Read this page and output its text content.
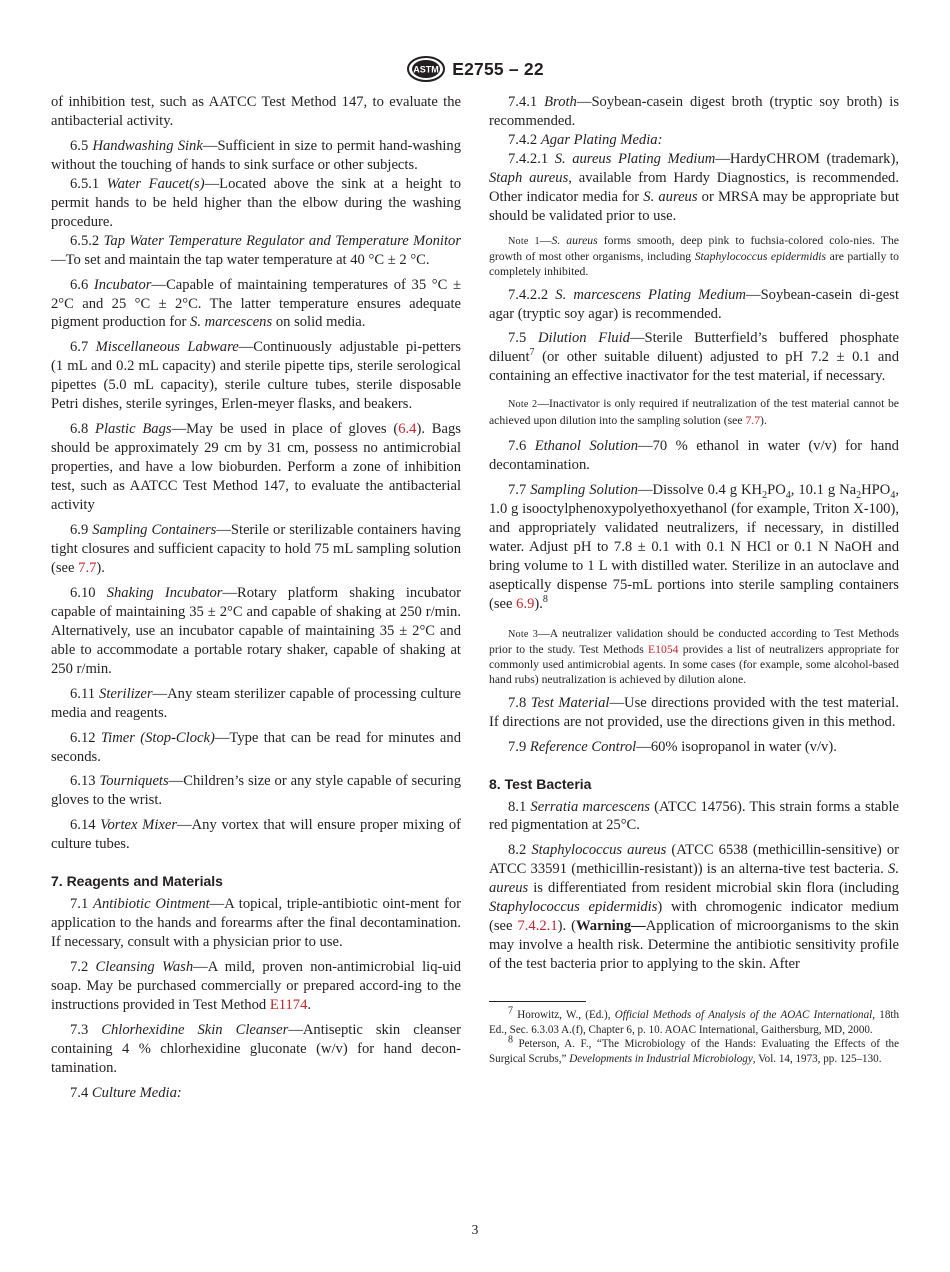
ASTM E2755 – 22

of inhibition test, such as AATCC Test Method 147, to evaluate the antibacterial activity.

6.5 Handwashing Sink—Sufficient in size to permit hand-washing without the touching of hands to sink surface or other subjects.

6.5.1 Water Faucet(s)—Located above the sink at a height to permit hands to be held higher than the elbow during the washing procedure.

6.5.2 Tap Water Temperature Regulator and Temperature Monitor—To set and maintain the tap water temperature at 40 °C ± 2 °C.

6.6 Incubator—Capable of maintaining temperatures of 35 °C ± 2°C and 25 °C ± 2°C. The latter temperature ensures adequate pigment production for S. marcescens on solid media.

6.7 Miscellaneous Labware—Continuously adjustable pi-petters (1 mL and 0.2 mL capacity) and sterile pipette tips, sterile serological pipettes (5.0 mL capacity), sterile culture tubes, sterile disposable Petri dishes, sterile syringes, Erlen-meyer flasks, and beakers.

6.8 Plastic Bags—May be used in place of gloves (6.4). Bags should be approximately 29 cm by 31 cm, possess no antimicrobial properties, and have a low bioburden. Perform a zone of inhibition test, such as AATCC Test Method 147, to evaluate the antibacterial activity

6.9 Sampling Containers—Sterile or sterilizable containers having tight closures and sufficient capacity to hold 75 mL sampling solution (see 7.7).

6.10 Shaking Incubator—Rotary platform shaking incubator capable of maintaining 35 ± 2°C and capable of shaking at 250 r/min. Alternatively, use an incubator capable of maintaining 35 ± 2°C and able to accommodate a portable rotary shaker, capable of shaking at 250 r/min.

6.11 Sterilizer—Any steam sterilizer capable of processing culture media and reagents.

6.12 Timer (Stop-Clock)—Type that can be read for minutes and seconds.

6.13 Tourniquets—Children’s size or any style capable of securing gloves to the wrist.

6.14 Vortex Mixer—Any vortex that will ensure proper mixing of culture tubes.

7. Reagents and Materials

7.1 Antibiotic Ointment—A topical, triple-antibiotic oint-ment for application to the hands and forearms after the final decontamination. If necessary, consult with a physician prior to use.

7.2 Cleansing Wash—A mild, proven non-antimicrobial liq-uid soap. May be purchased commercially or prepared accord-ing to the instructions provided in Test Method E1174.

7.3 Chlorhexidine Skin Cleanser—Antiseptic skin cleanser containing 4 % chlorhexidine gluconate (w/v) for hand decon-tamination.

7.4 Culture Media:

7.4.1 Broth—Soybean-casein digest broth (tryptic soy broth) is recommended.

7.4.2 Agar Plating Media:

7.4.2.1 S. aureus Plating Medium—HardyCHROM (trademark), Staph aureus, available from Hardy Diagnostics, is recommended. Other indicator media for S. aureus or MRSA may be appropriate but should be validated prior to use.

Note 1—S. aureus forms smooth, deep pink to fuchsia-colored colo-nies. The growth of most other organisms, including Staphylococcus epidermidis are partially to completely inhibited.

7.4.2.2 S. marcescens Plating Medium—Soybean-casein di-gest agar (tryptic soy agar) is recommended.

7.5 Dilution Fluid—Sterile Butterfield’s buffered phosphate diluent$^7$ (or other suitable diluent) adjusted to pH 7.2 ± 0.1 and containing an effective inactivator for the test material, if necessary.

Note 2—Inactivator is only required if neutralization of the test material cannot be achieved upon dilution into the sampling solution (see 7.7).

7.6 Ethanol Solution—70 % ethanol in water (v/v) for hand decontamination.

7.7 Sampling Solution—Dissolve 0.4 g $KH_2PO_4$, 10.1 g $Na_2HPO_4$, 1.0 g isooctylphenoxypolyethoxyethanol (for example, Triton X-100), and appropriately validated neutralizers, if necessary, in distilled water. Adjust pH to 7.8 ± 0.1 with 0.1 N HCl or 0.1 N NaOH and bring volume to 1 L with distilled water. Sterilize in an autoclave and aseptically dispense 75-mL portions into sterile sampling containers (see 6.9).$^8$

Note 3—A neutralizer validation should be conducted according to Test Methods prior to the study. Test Methods E1054 provides a list of neutralizers appropriate for commonly used antimicrobial agents. In some cases (for example, some alcohol-based hand rubs) neutralization is achieved by dilution alone.

7.8 Test Material—Use directions provided with the test material. If directions are not provided, use the directions given in this method.

7.9 Reference Control—60% isopropanol in water (v/v).

8. Test Bacteria

8.1 Serratia marcescens (ATCC 14756). This strain forms a stable red pigmentation at 25°C.

8.2 Staphylococcus aureus (ATCC 6538 (methicillin-sensitive) or ATCC 33591 (methicillin-resistant)) is an alterna-tive test bacteria. S. aureus is differentiated from resident microbial skin flora (including Staphylococcus epidermidis) with chromogenic indicator medium (see 7.4.2.1). (Warning—Application of microorganisms to the skin may involve a health risk. Determine the antibiotic sensitivity profile of the test bacteria prior to applying to the skin. After

$^7$ Horowitz, W., (Ed.), Official Methods of Analysis of the AOAC International, 18th Ed., Sec. 6.3.03 A.(f), Chapter 6, p. 10. AOAC International, Gaithersburg, MD, 2000.

$^8$ Peterson, A. F., “The Microbiology of the Hands: Evaluating the Effects of the Surgical Scrubs,” Developments in Industrial Microbiology, Vol. 14, 1973, pp. 125–130.

3
